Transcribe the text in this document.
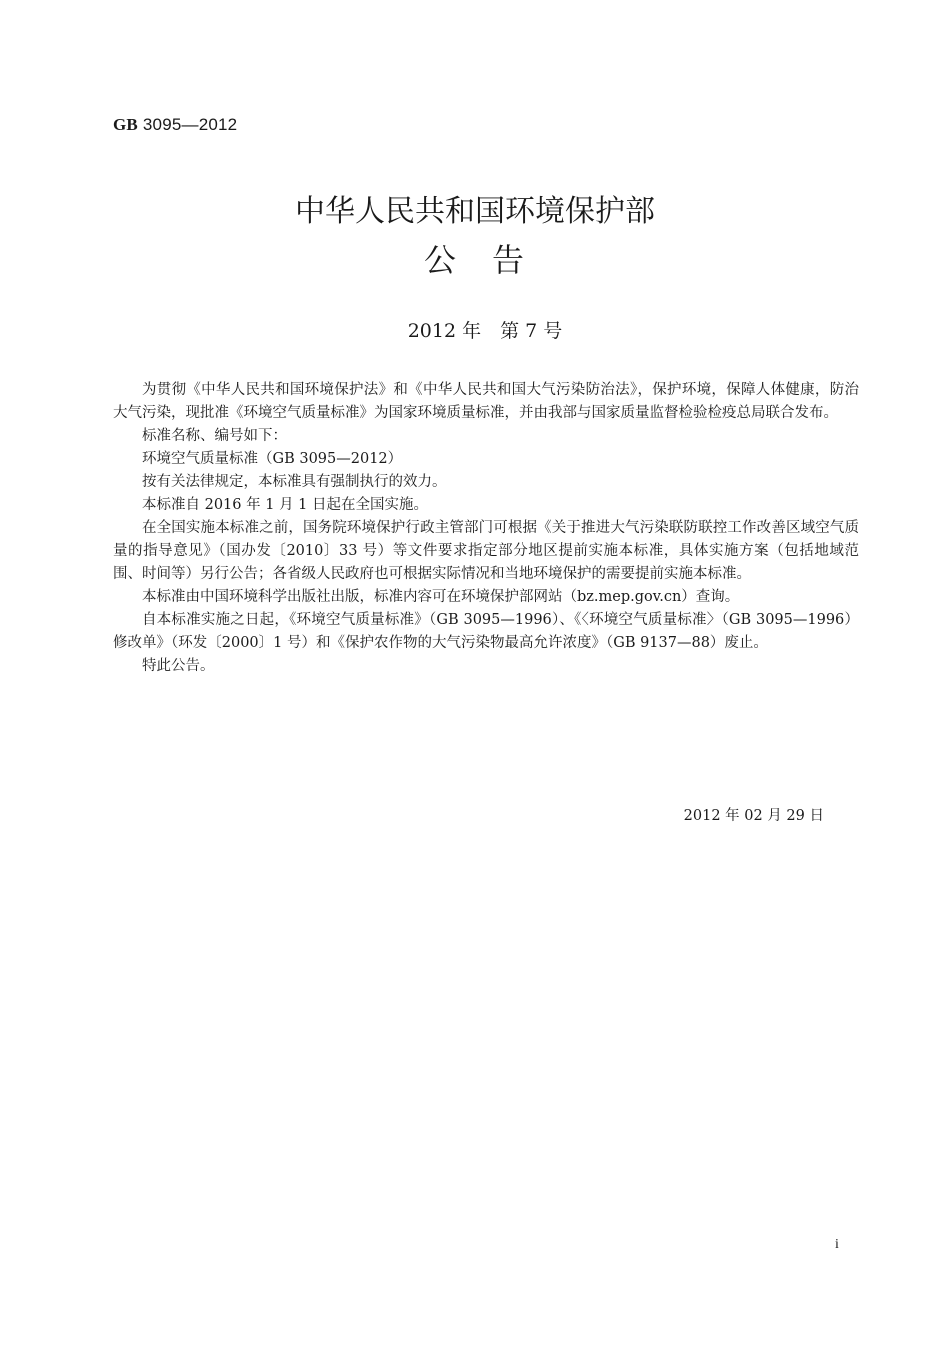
GB 3095—2012
中华人民共和国环境保护部
公　告
2012 年　第 7 号

为贯彻《中华人民共和国环境保护法》和《中华人民共和国大气污染防治法》，保护环境，保障人体健康，防治大气污染，现批准《环境空气质量标准》为国家环境质量标准，并由我部与国家质量监督检验检疫总局联合发布。

标准名称、编号如下：

环境空气质量标准（GB 3095—2012）

按有关法律规定，本标准具有强制执行的效力。

本标准自 2016 年 1 月 1 日起在全国实施。

在全国实施本标准之前，国务院环境保护行政主管部门可根据《关于推进大气污染联防联控工作改善区域空气质量的指导意见》（国办发〔2010〕33 号）等文件要求指定部分地区提前实施本标准，具体实施方案（包括地域范围、时间等）另行公告；各省级人民政府也可根据实际情况和当地环境保护的需要提前实施本标准。

本标准由中国环境科学出版社出版，标准内容可在环境保护部网站（bz.mep.gov.cn）查询。

自本标准实施之日起，《环境空气质量标准》（GB 3095—1996）、《〈环境空气质量标准〉（GB 3095—1996）修改单》（环发〔2000〕1 号）和《保护农作物的大气污染物最高允许浓度》（GB 9137—88）废止。

特此公告。

2012 年 02 月 29 日
i
